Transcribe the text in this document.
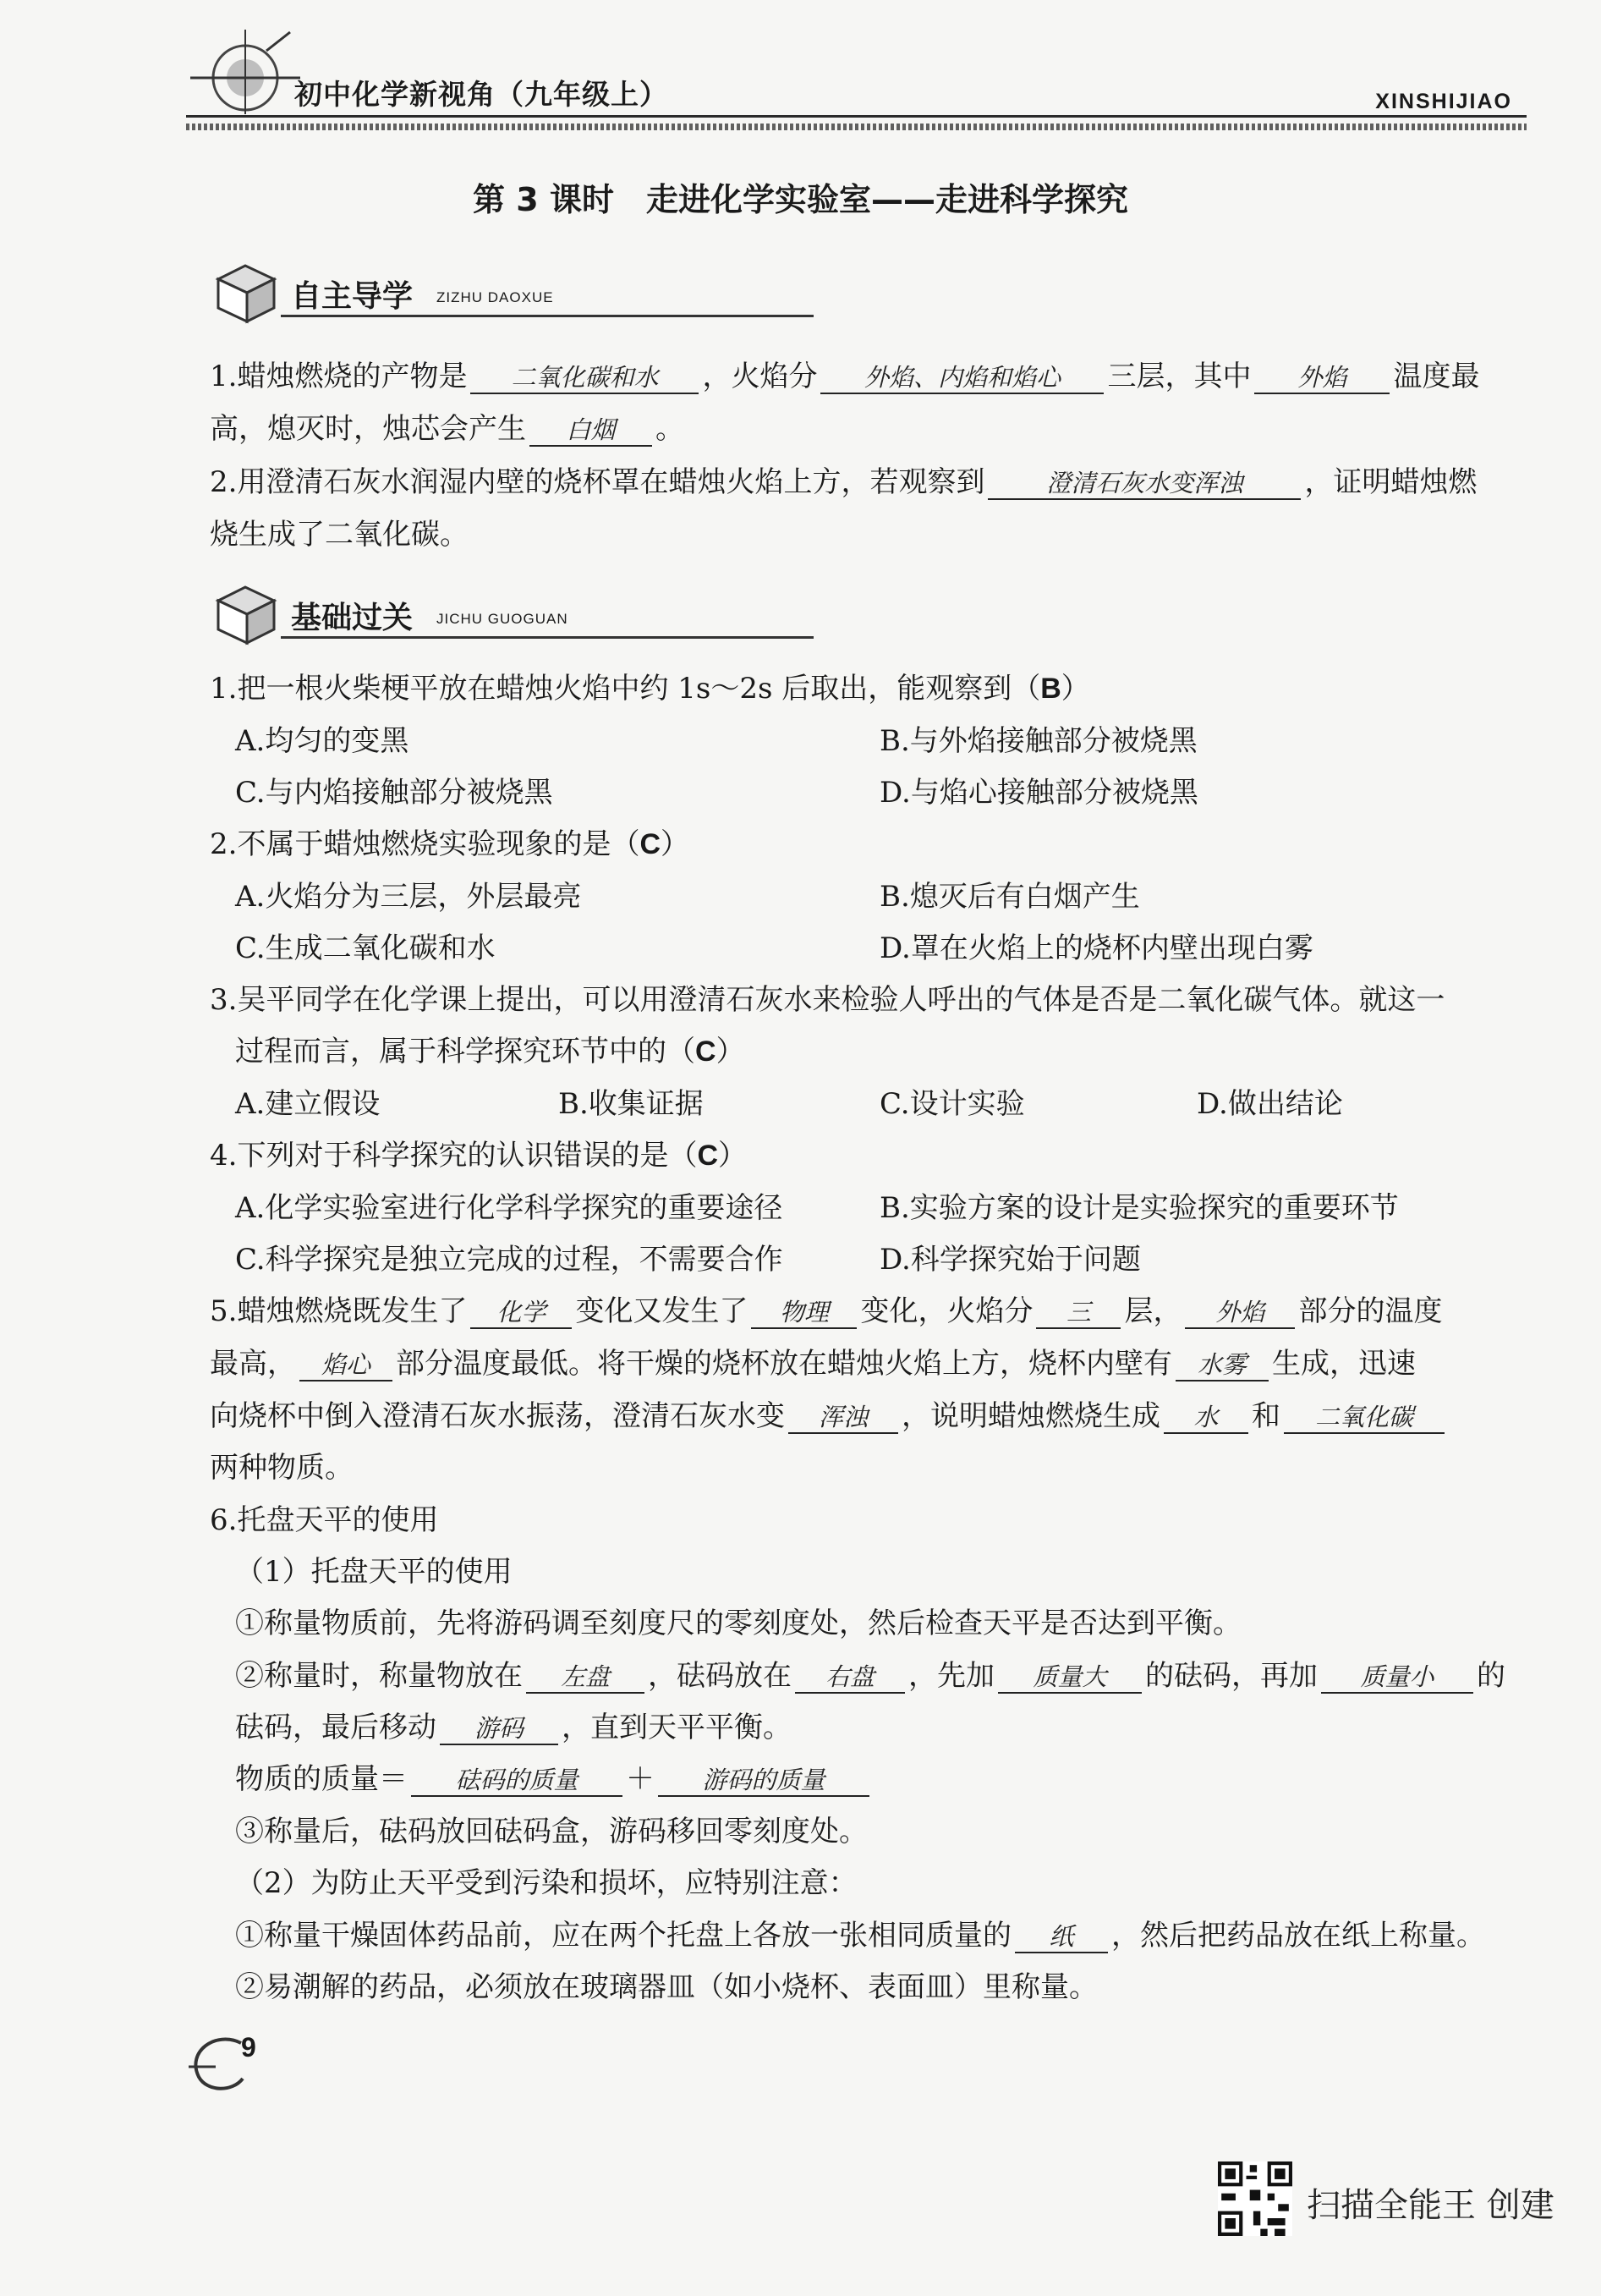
初中化学新视角（九年级上）	XINSHIJIAO
第 3 课时　走进化学实验室——走进科学探究
自主导学 ZIZHU DAOXUE
1.蜡烛燃烧的产物是 二氧化碳和水 ，火焰分 外焰、内焰和焰心 三层，其中 外焰 温度最
高，熄灭时，烛芯会产生 白烟 。
2.用澄清石灰水润湿内壁的烧杯罩在蜡烛火焰上方，若观察到	澄清石灰水变浑浊 ，证明蜡烛燃
烧生成了二氧化碳。
基础过关 JICHU GUOGUAN
1.把一根火柴梗平放在蜡烛火焰中约 1s～2s 后取出，能观察到（B）
A.均匀的变黑	B.与外焰接触部分被烧黑
C.与内焰接触部分被烧黑	D.与焰心接触部分被烧黑
2.不属于蜡烛燃烧实验现象的是（C）
A.火焰分为三层，外层最亮	B.熄灭后有白烟产生
C.生成二氧化碳和水	D.罩在火焰上的烧杯内壁出现白雾
3.吴平同学在化学课上提出，可以用澄清石灰水来检验人呼出的气体是否是二氧化碳气体。就这一
过程而言，属于科学探究环节中的（C）
A.建立假设	B.收集证据	C.设计实验	D.做出结论
4.下列对于科学探究的认识错误的是（C）
A.化学实验室进行化学科学探究的重要途径	B.实验方案的设计是实验探究的重要环节
C.科学探究是独立完成的过程，不需要合作	D.科学探究始于问题
5.蜡烛燃烧既发生了 化学 变化又发生了 物理 变化，火焰分 三 层， 外焰 部分的温度
最高， 焰心 部分温度最低。将干燥的烧杯放在蜡烛火焰上方，烧杯内壁有 水雾 生成，迅速
向烧杯中倒入澄清石灰水振荡，澄清石灰水变 浑浊 ，说明蜡烛燃烧生成 水 和 二氧化碳
两种物质。
6.托盘天平的使用
（1）托盘天平的使用
①称量物质前，先将游码调至刻度尺的零刻度处，然后检查天平是否达到平衡。
②称量时，称量物放在 左盘 ，砝码放在 右盘 ，先加 质量大 的砝码，再加 质量小 的
砝码，最后移动 游码 ，直到天平平衡。
物质的质量＝ 砝码的质量 ＋ 游码的质量
③称量后，砝码放回砝码盒，游码移回零刻度处。
（2）为防止天平受到污染和损坏，应特别注意：
①称量干燥固体药品前，应在两个托盘上各放一张相同质量的 纸 ，然后把药品放在纸上称量。
②易潮解的药品，必须放在玻璃器皿（如小烧杯、表面皿）里称量。
9
扫描全能王 创建
